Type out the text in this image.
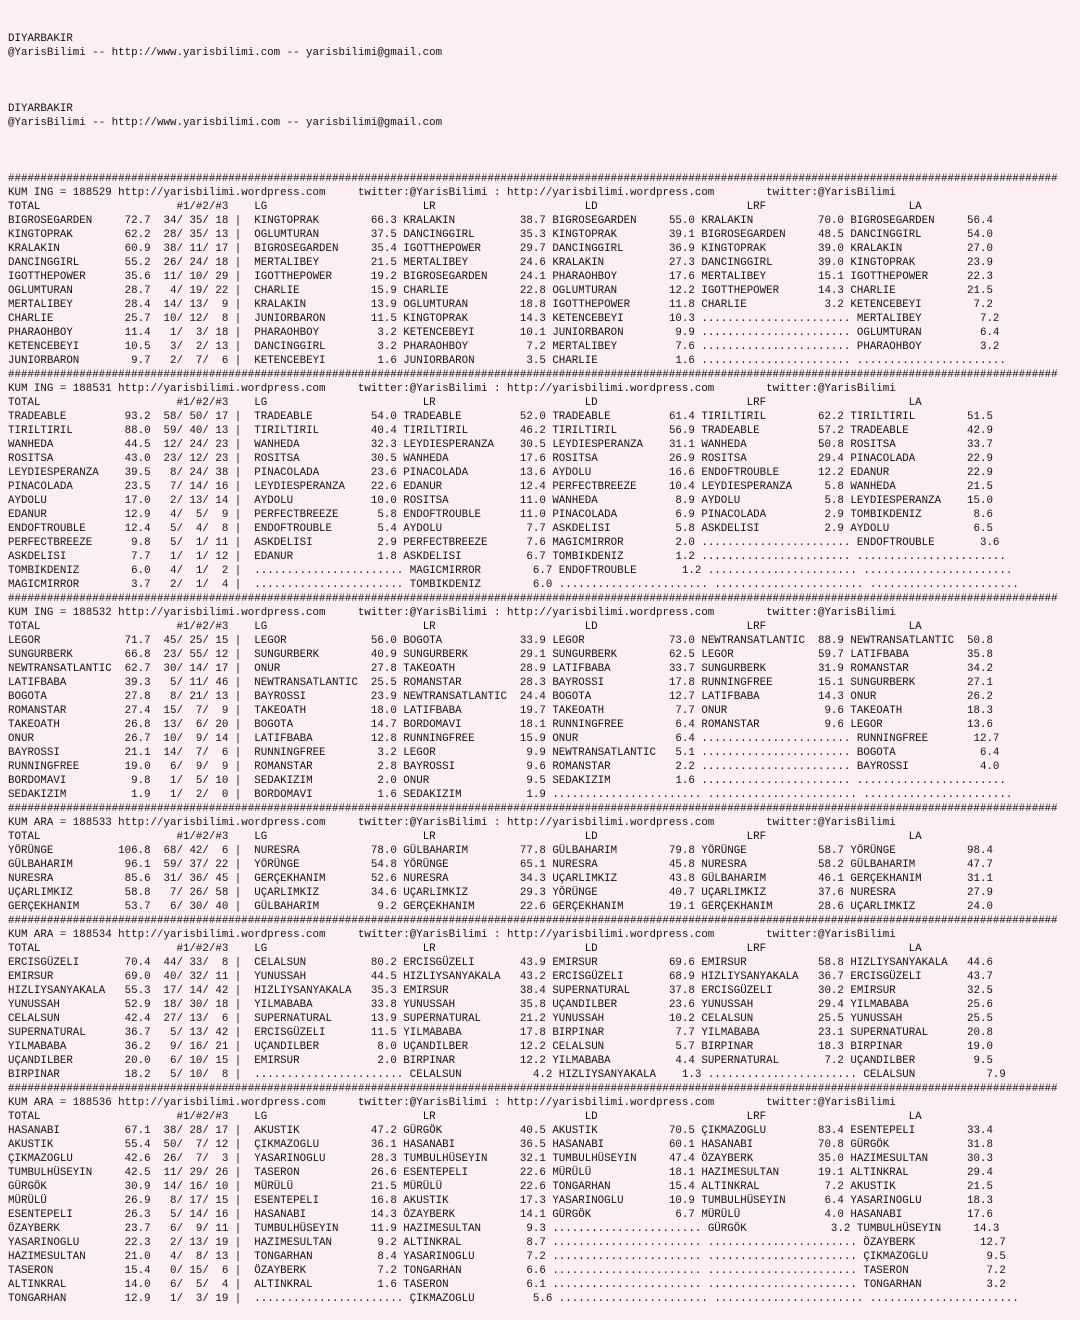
DIYARBAKIR
@YarisBilimi -- http://www.yarisbilimi.com -- yarisbilimi@gmail.com
DIYARBAKIR
@YarisBilimi -- http://www.yarisbilimi.com -- yarisbilimi@gmail.com

##################################################################################################################################################################
KUM ING = 188529 http://yarisbilimi.wordpress.com	twitter:@YarisBilimi : http://yarisbilimi.wordpress.com	twitter:@YarisBilimi
TOTAL                     #1/#2/#3    LG                        LR                       LD                       LRF                      LA
BIGROSEGARDEN     72.7  34/ 35/ 18 |  KINGTOPRAK        66.3 KRALAKIN          38.7 BIGROSEGARDEN     55.0 KRALAKIN          70.0 BIGROSEGARDEN     56.4
KINGTOPRAK        62.2  28/ 35/ 13 |  OGLUMTURAN        37.5 DANCINGGIRL       35.3 KINGTOPRAK        39.1 BIGROSEGARDEN     48.5 DANCINGGIRL       54.0
KRALAKIN          60.9  38/ 11/ 17 |  BIGROSEGARDEN     35.4 IGOTTHEPOWER      29.7 DANCINGGIRL       36.9 KINGTOPRAK        39.0 KRALAKIN          27.0
DANCINGGIRL       55.2  26/ 24/ 18 |  MERTALIBEY        21.5 MERTALIBEY        24.6 KRALAKIN          27.3 DANCINGGIRL       39.0 KINGTOPRAK        23.9
IGOTTHEPOWER      35.6  11/ 10/ 29 |  IGOTTHEPOWER      19.2 BIGROSEGARDEN     24.1 PHARAOHBOY        17.6 MERTALIBEY        15.1 IGOTTHEPOWER      22.3
OGLUMTURAN        28.7   4/ 19/ 22 |  CHARLIE           15.9 CHARLIE           22.8 OGLUMTURAN        12.2 IGOTTHEPOWER      14.3 CHARLIE           21.5
MERTALIBEY        28.4  14/ 13/  9 |  KRALAKIN          13.9 OGLUMTURAN        18.8 IGOTTHEPOWER      11.8 CHARLIE            3.2 KETENCEBEYI        7.2
CHARLIE           25.7  10/ 12/  8 |  JUNIORBARON       11.5 KINGTOPRAK        14.3 KETENCEBEYI       10.3 ....................... MERTALIBEY         7.2
PHARAOHBOY        11.4   1/  3/ 18 |  PHARAOHBOY         3.2 KETENCEBEYI       10.1 JUNIORBARON        9.9 ....................... OGLUMTURAN         6.4
KETENCEBEYI       10.5   3/  2/ 13 |  DANCINGGIRL        3.2 PHARAOHBOY         7.2 MERTALIBEY         7.6 ....................... PHARAOHBOY         3.2
JUNIORBARON        9.7   2/  7/  6 |  KETENCEBEYI        1.6 JUNIORBARON        3.5 CHARLIE            1.6 ....................... .......................
##################################################################################################################################################################
KUM ING = 188531 http://yarisbilimi.wordpress.com	twitter:@YarisBilimi : http://yarisbilimi.wordpress.com	twitter:@YarisBilimi
TOTAL                     #1/#2/#3    LG                        LR                       LD                       LRF                      LA
TRADEABLE         93.2  58/ 50/ 17 |  TRADEABLE         54.0 TRADEABLE         52.0 TRADEABLE         61.4 TIRILTIRIL        62.2 TIRILTIRIL        51.5
TIRILTIRIL        88.0  59/ 40/ 13 |  TIRILTIRIL        40.4 TIRILTIRIL        46.2 TIRILTIRIL        56.9 TRADEABLE         57.2 TRADEABLE         42.9
WANHEDA           44.5  12/ 24/ 23 |  WANHEDA           32.3 LEYDIESPERANZA    30.5 LEYDIESPERANZA    31.1 WANHEDA           50.8 ROSITSA           33.7
ROSITSA           43.0  23/ 12/ 23 |  ROSITSA           30.5 WANHEDA           17.6 ROSITSA           26.9 ROSITSA           29.4 PINACOLADA        22.9
LEYDIESPERANZA    39.5   8/ 24/ 38 |  PINACOLADA        23.6 PINACOLADA        13.6 AYDOLU            16.6 ENDOFTROUBLE      12.2 EDANUR            22.9
PINACOLADA        23.5   7/ 14/ 16 |  LEYDIESPERANZA    22.6 EDANUR            12.4 PERFECTBREEZE     10.4 LEYDIESPERANZA     5.8 WANHEDA           21.5
AYDOLU            17.0   2/ 13/ 14 |  AYDOLU            10.0 ROSITSA           11.0 WANHEDA            8.9 AYDOLU             5.8 LEYDIESPERANZA    15.0
EDANUR            12.9   4/  5/  9 |  PERFECTBREEZE      5.8 ENDOFTROUBLE      11.0 PINACOLADA         6.9 PINACOLADA         2.9 TOMBIKDENIZ        8.6
ENDOFTROUBLE      12.4   5/  4/  8 |  ENDOFTROUBLE       5.4 AYDOLU             7.7 ASKDELISI          5.8 ASKDELISI          2.9 AYDOLU             6.5
PERFECTBREEZE      9.8   5/  1/ 11 |  ASKDELISI          2.9 PERFECTBREEZE      7.6 MAGICMIRROR        2.0 ....................... ENDOFTROUBLE       3.6
ASKDELISI          7.7   1/  1/ 12 |  EDANUR             1.8 ASKDELISI          6.7 TOMBIKDENIZ        1.2 ....................... .......................
TOMBIKDENIZ        6.0   4/  1/  2 |  ....................... MAGICMIRROR        6.7 ENDOFTROUBLE       1.2 ....................... .......................
MAGICMIRROR        3.7   2/  1/  4 |  ....................... TOMBIKDENIZ        6.0 ....................... ....................... .......................
##################################################################################################################################################################
KUM ING = 188532 http://yarisbilimi.wordpress.com	twitter:@YarisBilimi : http://yarisbilimi.wordpress.com	twitter:@YarisBilimi
TOTAL                     #1/#2/#3    LG                        LR                       LD                       LRF                      LA
LEGOR             71.7  45/ 25/ 15 |  LEGOR             56.0 BOGOTA            33.9 LEGOR             73.0 NEWTRANSATLANTIC  88.9 NEWTRANSATLANTIC  50.8
SUNGURBERK        66.8  23/ 55/ 12 |  SUNGURBERK        40.9 SUNGURBERK        29.1 SUNGURBERK        62.5 LEGOR             59.7 LATIFBABA         35.8
NEWTRANSATLANTIC  62.7  30/ 14/ 17 |  ONUR              27.8 TAKEOATH          28.9 LATIFBABA         33.7 SUNGURBERK        31.9 ROMANSTAR         34.2
LATIFBABA         39.3   5/ 11/ 46 |  NEWTRANSATLANTIC  25.5 ROMANSTAR         28.3 BAYROSSI          17.8 RUNNINGFREE       15.1 SUNGURBERK        27.1
BOGOTA            27.8   8/ 21/ 13 |  BAYROSSI          23.9 NEWTRANSATLANTIC  24.4 BOGOTA            12.7 LATIFBABA         14.3 ONUR              26.2
ROMANSTAR         27.4  15/  7/  9 |  TAKEOATH          18.0 LATIFBABA         19.7 TAKEOATH           7.7 ONUR               9.6 TAKEOATH          18.3
TAKEOATH          26.8  13/  6/ 20 |  BOGOTA            14.7 BORDOMAVI         18.1 RUNNINGFREE        6.4 ROMANSTAR          9.6 LEGOR             13.6
ONUR              26.7  10/  9/ 14 |  LATIFBABA         12.8 RUNNINGFREE       15.9 ONUR               6.4 ....................... RUNNINGFREE       12.7
BAYROSSI          21.1  14/  7/  6 |  RUNNINGFREE        3.2 LEGOR              9.9 NEWTRANSATLANTIC   5.1 ....................... BOGOTA             6.4
RUNNINGFREE       19.0   6/  9/  9 |  ROMANSTAR          2.8 BAYROSSI           9.6 ROMANSTAR          2.2 ....................... BAYROSSI           4.0
BORDOMAVI          9.8   1/  5/ 10 |  SEDAKIZIM          2.0 ONUR               9.5 SEDAKIZIM          1.6 ....................... .......................
SEDAKIZIM          1.9   1/  2/  0 |  BORDOMAVI          1.6 SEDAKIZIM          1.9 ....................... ....................... .......................
##################################################################################################################################################################
KUM ARA = 188533 http://yarisbilimi.wordpress.com	twitter:@YarisBilimi : http://yarisbilimi.wordpress.com	twitter:@YarisBilimi
TOTAL                     #1/#2/#3    LG                        LR                       LD                       LRF                      LA
YÖRÜNGE          106.8  68/ 42/  6 |  NURESRA           78.0 GÜLBAHARIM        77.8 GÜLBAHARIM        79.8 YÖRÜNGE           58.7 YÖRÜNGE           98.4
GÜLBAHARIM        96.1  59/ 37/ 22 |  YÖRÜNGE           54.8 YÖRÜNGE           65.1 NURESRA           45.8 NURESRA           58.2 GÜLBAHARIM        47.7
NURESRA           85.6  31/ 36/ 45 |  GERÇEKHANIM       52.6 NURESRA           34.3 UÇARLIMKIZ        43.8 GÜLBAHARIM        46.1 GERÇEKHANIM       31.1
UÇARLIMKIZ        58.8   7/ 26/ 58 |  UÇARLIMKIZ        34.6 UÇARLIMKIZ        29.3 YÖRÜNGE           40.7 UÇARLIMKIZ        37.6 NURESRA           27.9
GERÇEKHANIM       53.7   6/ 30/ 40 |  GÜLBAHARIM         9.2 GERÇEKHANIM       22.6 GERÇEKHANIM       19.1 GERÇEKHANIM       28.6 UÇARLIMKIZ        24.0
##################################################################################################################################################################
KUM ARA = 188534 http://yarisbilimi.wordpress.com	twitter:@YarisBilimi : http://yarisbilimi.wordpress.com	twitter:@YarisBilimi
TOTAL                     #1/#2/#3    LG                        LR                       LD                       LRF                      LA
ERCISGÜZELI       70.4  44/ 33/  8 |  CELALSUN          80.2 ERCISGÜZELI       43.9 EMIRSUR           69.6 EMIRSUR           58.8 HIZLIYSANYAKALA   44.6
EMIRSUR           69.0  40/ 32/ 11 |  YUNUSSAH          44.5 HIZLIYSANYAKALA   43.2 ERCISGÜZELI       68.9 HIZLIYSANYAKALA   36.7 ERCISGÜZELI       43.7
HIZLIYSANYAKALA   55.3  17/ 14/ 42 |  HIZLIYSANYAKALA   35.3 EMIRSUR           38.4 SUPERNATURAL      37.8 ERCISGÜZELI       30.2 EMIRSUR           32.5
YUNUSSAH          52.9  18/ 30/ 18 |  YILMABABA         33.8 YUNUSSAH          35.8 UÇANDILBER        23.6 YUNUSSAH          29.4 YILMABABA         25.6
CELALSUN          42.4  27/ 13/  6 |  SUPERNATURAL      13.9 SUPERNATURAL      21.2 YUNUSSAH          10.2 CELALSUN          25.5 YUNUSSAH          25.5
SUPERNATURAL      36.7   5/ 13/ 42 |  ERCISGÜZELI       11.5 YILMABABA         17.8 BIRPINAR           7.7 YILMABABA         23.1 SUPERNATURAL      20.8
YILMABABA         36.2   9/ 16/ 21 |  UÇANDILBER         8.0 UÇANDILBER        12.2 CELALSUN           5.7 BIRPINAR          18.3 BIRPINAR          19.0
UÇANDILBER        20.0   6/ 10/ 15 |  EMIRSUR            2.0 BIRPINAR          12.2 YILMABABA          4.4 SUPERNATURAL       7.2 UÇANDILBER         9.5
BIRPINAR          18.2   5/ 10/  8 |  ....................... CELALSUN           4.2 HIZLIYSANYAKALA    1.3 ....................... CELALSUN           7.9
##################################################################################################################################################################
KUM ARA = 188536 http://yarisbilimi.wordpress.com	twitter:@YarisBilimi : http://yarisbilimi.wordpress.com	twitter:@YarisBilimi
TOTAL                     #1/#2/#3    LG                        LR                       LD                       LRF                      LA
HASANABI          67.1  38/ 28/ 17 |  AKUSTIK           47.2 GÜRGÖK            40.5 AKUSTIK           70.5 ÇIKMAZOGLU        83.4 ESENTEPELI        33.4
AKUSTIK           55.4  50/  7/ 12 |  ÇIKMAZOGLU        36.1 HASANABI          36.5 HASANABI          60.1 HASANABI          70.8 GÜRGÖK            31.8
ÇIKMAZOGLU        42.6  26/  7/  3 |  YASARINOGLU       28.3 TUMBULHÜSEYIN     32.1 TUMBULHÜSEYIN     47.4 ÖZAYBERK          35.0 HAZIMESULTAN      30.3
TUMBULHÜSEYIN     42.5  11/ 29/ 26 |  TASERON           26.6 ESENTEPELI        22.6 MÜRÜLÜ            18.1 HAZIMESULTAN      19.1 ALTINKRAL         29.4
GÜRGÖK            30.9  14/ 16/ 10 |  MÜRÜLÜ            21.5 MÜRÜLÜ            22.6 TONGARHAN         15.4 ALTINKRAL          7.2 AKUSTIK           21.5
MÜRÜLÜ            26.9   8/ 17/ 15 |  ESENTEPELI        16.8 AKUSTIK           17.3 YASARINOGLU       10.9 TUMBULHÜSEYIN      6.4 YASARINOGLU       18.3
ESENTEPELI        26.3   5/ 14/ 16 |  HASANABI          14.3 ÖZAYBERK          14.1 GÜRGÖK             6.7 MÜRÜLÜ             4.0 HASANABI          17.6
ÖZAYBERK          23.7   6/  9/ 11 |  TUMBULHÜSEYIN     11.9 HAZIMESULTAN       9.3 ....................... GÜRGÖK             3.2 TUMBULHÜSEYIN     14.3
YASARINOGLU       22.3   2/ 13/ 19 |  HAZIMESULTAN       9.2 ALTINKRAL          8.7 ....................... ....................... ÖZAYBERK          12.7
HAZIMESULTAN      21.0   4/  8/ 13 |  TONGARHAN          8.4 YASARINOGLU        7.2 ....................... ....................... ÇIKMAZOGLU         9.5
TASERON           15.4   0/ 15/  6 |  ÖZAYBERK           7.2 TONGARHAN          6.6 ....................... ....................... TASERON            7.2
ALTINKRAL         14.0   6/  5/  4 |  ALTINKRAL          1.6 TASERON            6.1 ....................... ....................... TONGARHAN          3.2
TONGARHAN         12.9   1/  3/ 19 |  ....................... ÇIKMAZOGLU         5.6 ....................... ....................... .......................
